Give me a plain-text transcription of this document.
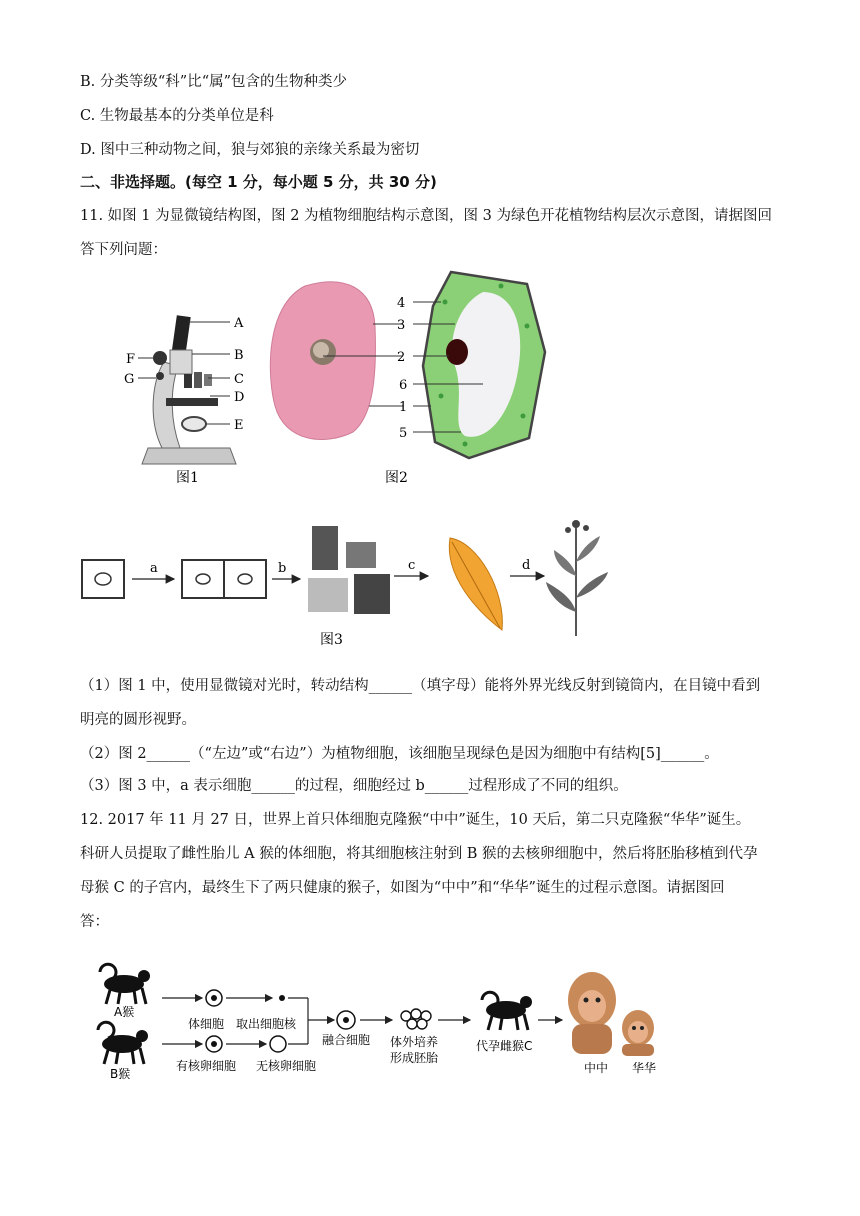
B. 分类等级“科”比“属”包含的生物种类少
C. 生物最基本的分类单位是科
D. 图中三种动物之间，狼与郊狼的亲缘关系最为密切
二、非选择题。(每空 1 分，每小题 5 分，共 30 分)
11. 如图 1 为显微镜结构图，图 2 为植物细胞结构示意图，图 3 为绿色开花植物结构层次示意图，请据图回
答下列问题：
A
B
C
D
E
F
G
图1
4
3
2
6
1
5
图2
a	b	c	d
图3
（1）图 1 中，使用显微镜对光时，转动结构______（填字母）能将外界光线反射到镜筒内，在目镜中看到
明亮的圆形视野。
（2）图 2______（“左边”或“右边”）为植物细胞，该细胞呈现绿色是因为细胞中有结构[5]______。
（3）图 3 中，a 表示细胞______的过程，细胞经过 b______过程形成了不同的组织。
12. 2017 年 11 月 27 日，世界上首只体细胞克隆猴“中中”诞生，10 天后，第二只克隆猴“华华”诞生。
科研人员提取了雌性胎儿 A 猴的体细胞，将其细胞核注射到 B 猴的去核卵细胞中，然后将胚胎移植到代孕
母猴 C 的子宫内，最终生下了两只健康的猴子，如图为“中中”和“华华”诞生的过程示意图。请据图回
答：
A猴
B猴
体细胞 取出细胞核
有核卵细胞 无核卵细胞
融合细胞 体外培养
形成胚胎
代孕雌猴C
中中 华华
